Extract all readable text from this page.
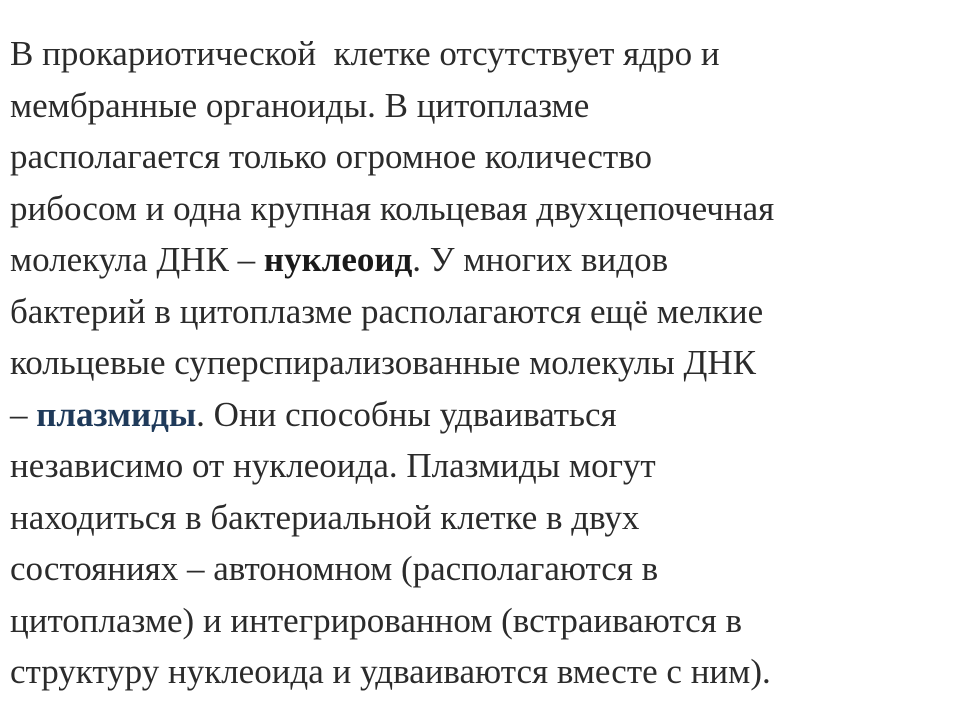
В прокариотической  клетке отсутствует ядро и
мембранные органоиды. В цитоплазме
располагается только огромное количество
рибосом и одна крупная кольцевая двухцепочечная
молекула ДНК – нуклеоид. У многих видов
бактерий в цитоплазме располагаются ещё мелкие
кольцевые суперспирализованные молекулы ДНК
– плазмиды. Они способны удваиваться
независимо от нуклеоида. Плазмиды могут
находиться в бактериальной клетке в двух
состояниях – автономном (располагаются в
цитоплазме) и интегрированном (встраиваются в
структуру нуклеоида и удваиваются вместе с ним).
